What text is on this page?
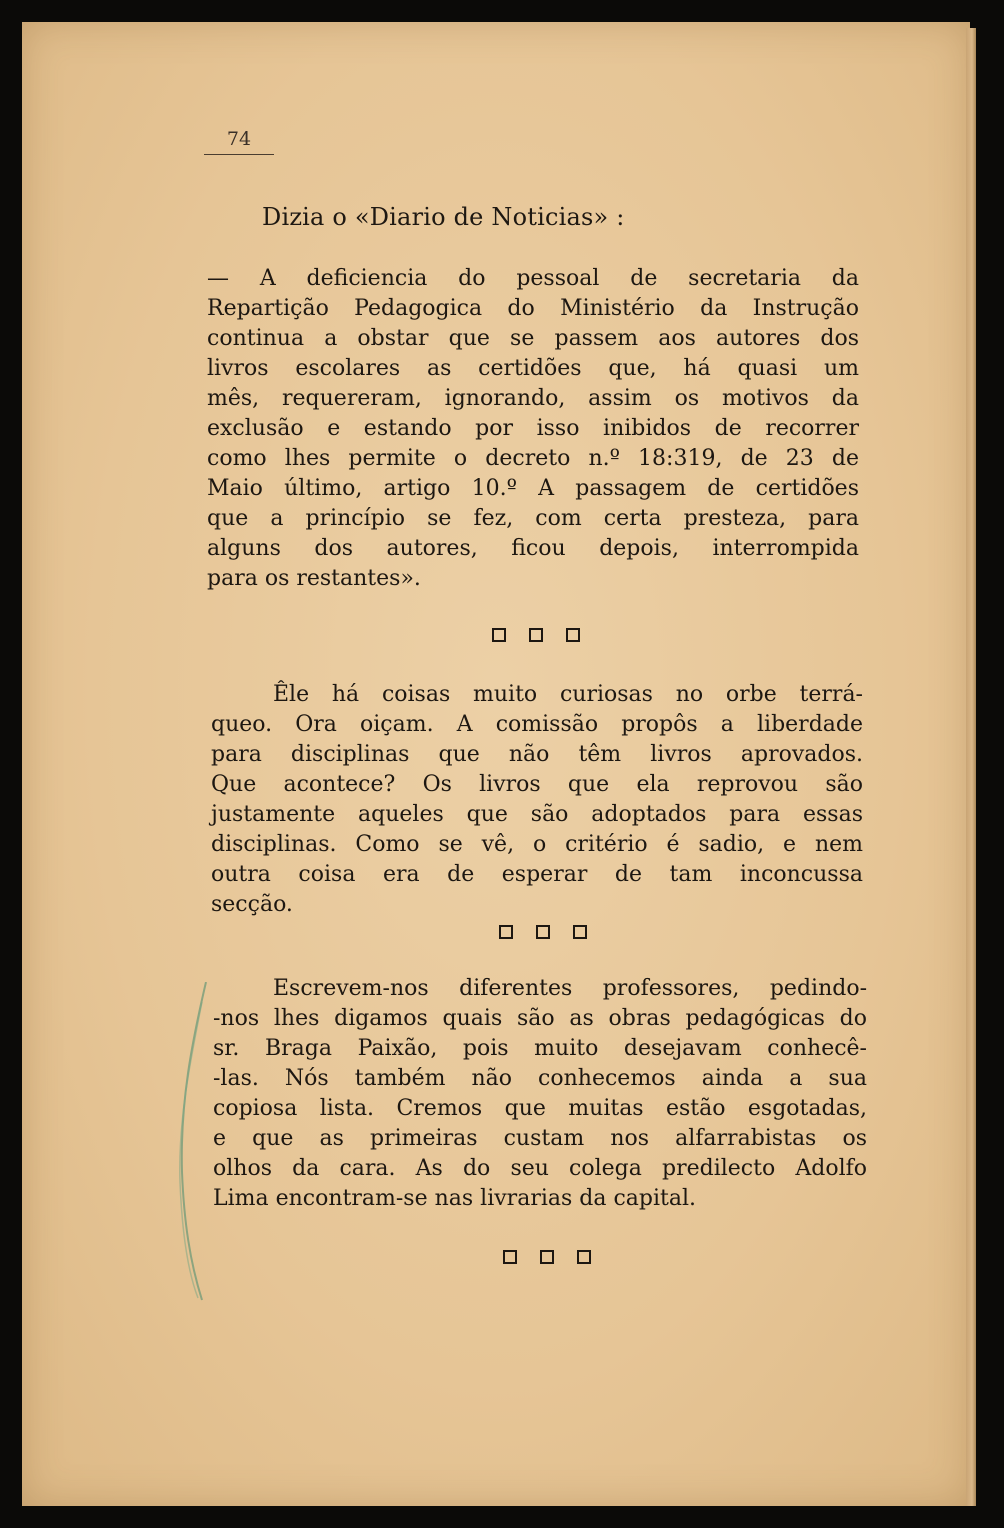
74
Dizia o «Diario de Noticias» :

— A deficiencia do pessoal de secretaria da
Repartição Pedagogica do Ministério da Instrução
continua a obstar que se passem aos autores dos
livros escolares as certidões que, há quasi um
mês, requereram, ignorando, assim os motivos da
exclusão e estando por isso inibidos de recorrer
como lhes permite o decreto n.º 18:319, de 23 de
Maio último, artigo 10.º A passagem de certidões
que a princípio se fez, com certa presteza, para
alguns dos autores, ficou depois, interrompida
para os restantes».

Êle há coisas muito curiosas no orbe terrá-
queo. Ora oiçam. A comissão propôs a liberdade
para disciplinas que não têm livros aprovados.
Que acontece? Os livros que ela reprovou são
justamente aqueles que são adoptados para essas
disciplinas. Como se vê, o critério é sadio, e nem
outra coisa era de esperar de tam inconcussa
secção.

Escrevem-nos diferentes professores, pedindo-
-nos lhes digamos quais são as obras pedagógicas do
sr. Braga Paixão, pois muito desejavam conhecê-
-las. Nós também não conhecemos ainda a sua
copiosa lista. Cremos que muitas estão esgotadas,
e que as primeiras custam nos alfarrabistas os
olhos da cara. As do seu colega predilecto Adolfo
Lima encontram-se nas livrarias da capital.
